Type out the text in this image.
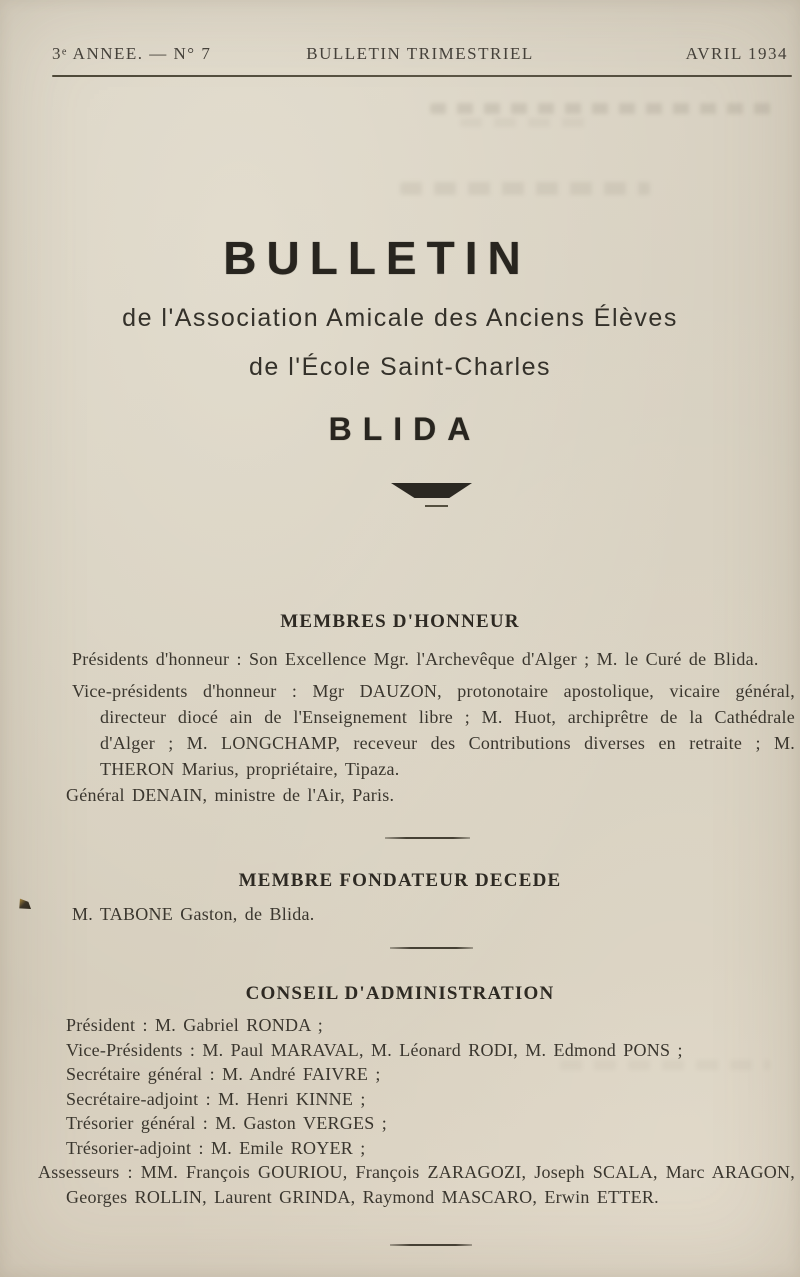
3ᵉ ANNEE. — N° 7	BULLETIN TRIMESTRIEL	AVRIL 1934
BULLETIN
de l'Association Amicale des Anciens Élèves
de l'École Saint-Charles
BLIDA
MEMBRES D'HONNEUR

Présidents d'honneur : Son Excellence Mgr. l'Archevêque d'Alger ; M. le Curé de Blida.

Vice-présidents d'honneur : Mgr DAUZON, protonotaire apostolique, vicaire général, directeur diocé ain de l'Enseignement libre ; M. Huot, archiprêtre de la Cathédrale d'Alger ; M. LONGCHAMP, receveur des Contributions diverses en retraite ; M. THERON Marius, propriétaire, Tipaza.

Général DENAIN, ministre de l'Air, Paris.

MEMBRE FONDATEUR DECEDE

M. TABONE Gaston, de Blida.

CONSEIL D'ADMINISTRATION

Président : M. Gabriel RONDA ;

Vice-Présidents : M. Paul MARAVAL, M. Léonard RODI, M. Edmond PONS ;

Secrétaire général : M. André FAIVRE ;

Secrétaire-adjoint : M. Henri KINNE ;

Trésorier général : M. Gaston VERGES ;

Trésorier-adjoint : M. Emile ROYER ;

Assesseurs : MM. François GOURIOU, François ZARAGOZI, Joseph SCALA, Marc ARAGON, Georges ROLLIN, Laurent GRINDA, Raymond MASCARO, Erwin ETTER.
